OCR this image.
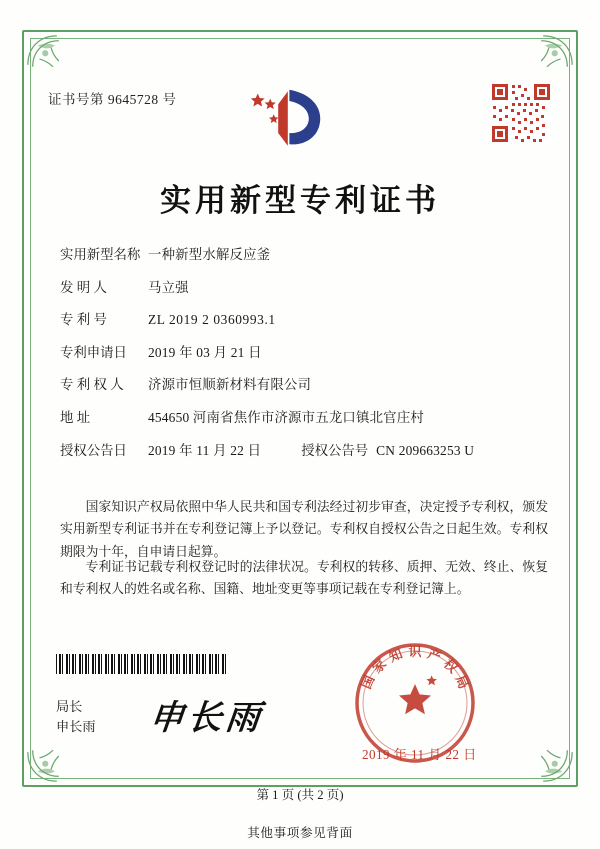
证书号第 9645728 号
实用新型专利证书
实用新型名称 一种新型水解反应釜
发 明 人	马立强
专 利 号	ZL 2019 2 0360993.1
专利申请日	2019 年 03 月 21 日
专 利 权 人	济源市恒顺新材料有限公司
地 址	454650 河南省焦作市济源市五龙口镇北官庄村
授权公告日	2019 年 11 月 22 日	授权公告号 CN 209663253 U
国家知识产权局依照中华人民共和国专利法经过初步审查，决定授予专利权，颁发实用新型专利证书并在专利登记簿上予以登记。专利权自授权公告之日起生效。专利权期限为十年，自申请日起算。
专利证书记载专利权登记时的法律状况。专利权的转移、质押、无效、终止、恢复和专利权人的姓名或名称、国籍、地址变更等事项记载在专利登记簿上。
局长
申长雨 申长雨
国
家
知 识 产
权
局
2019 年 11 月 22 日
第 1 页 (共 2 页)
其他事项参见背面
